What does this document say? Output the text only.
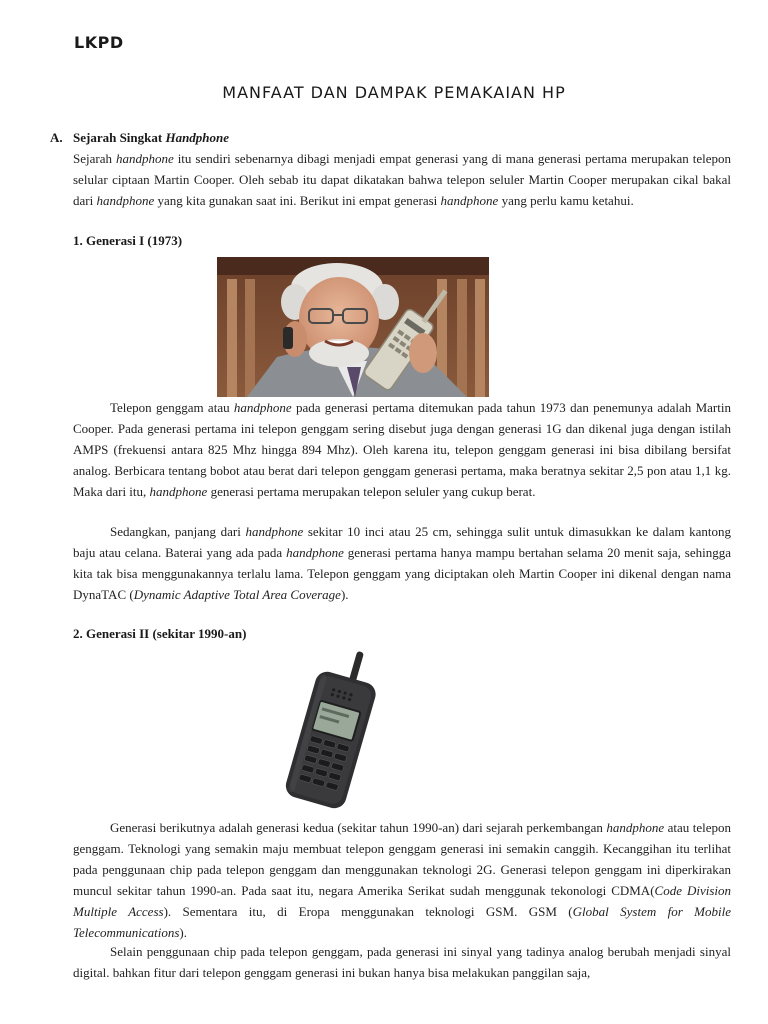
LKPD
MANFAAT DAN DAMPAK PEMAKAIAN HP
A. Sejarah Singkat Handphone
Sejarah handphone itu sendiri sebenarnya dibagi menjadi empat generasi yang di mana generasi pertama merupakan telepon selular ciptaan Martin Cooper. Oleh sebab itu dapat dikatakan bahwa telepon seluler Martin Cooper merupakan cikal bakal dari handphone yang kita gunakan saat ini. Berikut ini empat generasi handphone yang perlu kamu ketahui.
1. Generasi I (1973)
Telepon genggam atau handphone pada generasi pertama ditemukan pada tahun 1973 dan penemunya adalah Martin Cooper. Pada generasi pertama ini telepon genggam sering disebut juga dengan generasi 1G dan dikenal juga dengan istilah AMPS (frekuensi antara 825 Mhz hingga 894 Mhz). Oleh karena itu, telepon genggam generasi ini bisa dibilang bersifat analog. Berbicara tentang bobot atau berat dari telepon genggam generasi pertama, maka beratnya sekitar 2,5 pon atau 1,1 kg. Maka dari itu, handphone generasi pertama merupakan telepon seluler yang cukup berat.
Sedangkan, panjang dari handphone sekitar 10 inci atau 25 cm, sehingga sulit untuk dimasukkan ke dalam kantong baju atau celana. Baterai yang ada pada handphone generasi pertama hanya mampu bertahan selama 20 menit saja, sehingga kita tak bisa menggunakannya terlalu lama. Telepon genggam yang diciptakan oleh Martin Cooper ini dikenal dengan nama DynaTAC (Dynamic Adaptive Total Area Coverage).
2. Generasi II (sekitar 1990-an)
Generasi berikutnya adalah generasi kedua (sekitar tahun 1990-an) dari sejarah perkembangan handphone atau telepon genggam. Teknologi yang semakin maju membuat telepon genggam generasi ini semakin canggih. Kecanggihan itu terlihat pada penggunaan chip pada telepon genggam dan menggunakan teknologi 2G. Generasi telepon genggam ini diperkirakan muncul sekitar tahun 1990-an. Pada saat itu, negara Amerika Serikat sudah menggunak tekonologi CDMA(Code Division Multiple Access). Sementara itu, di Eropa menggunakan teknologi GSM. GSM (Global System for Mobile Telecommunications).
Selain penggunaan chip pada telepon genggam, pada generasi ini sinyal yang tadinya analog berubah menjadi sinyal digital. bahkan fitur dari telepon genggam generasi ini bukan hanya bisa melakukan panggilan saja,
